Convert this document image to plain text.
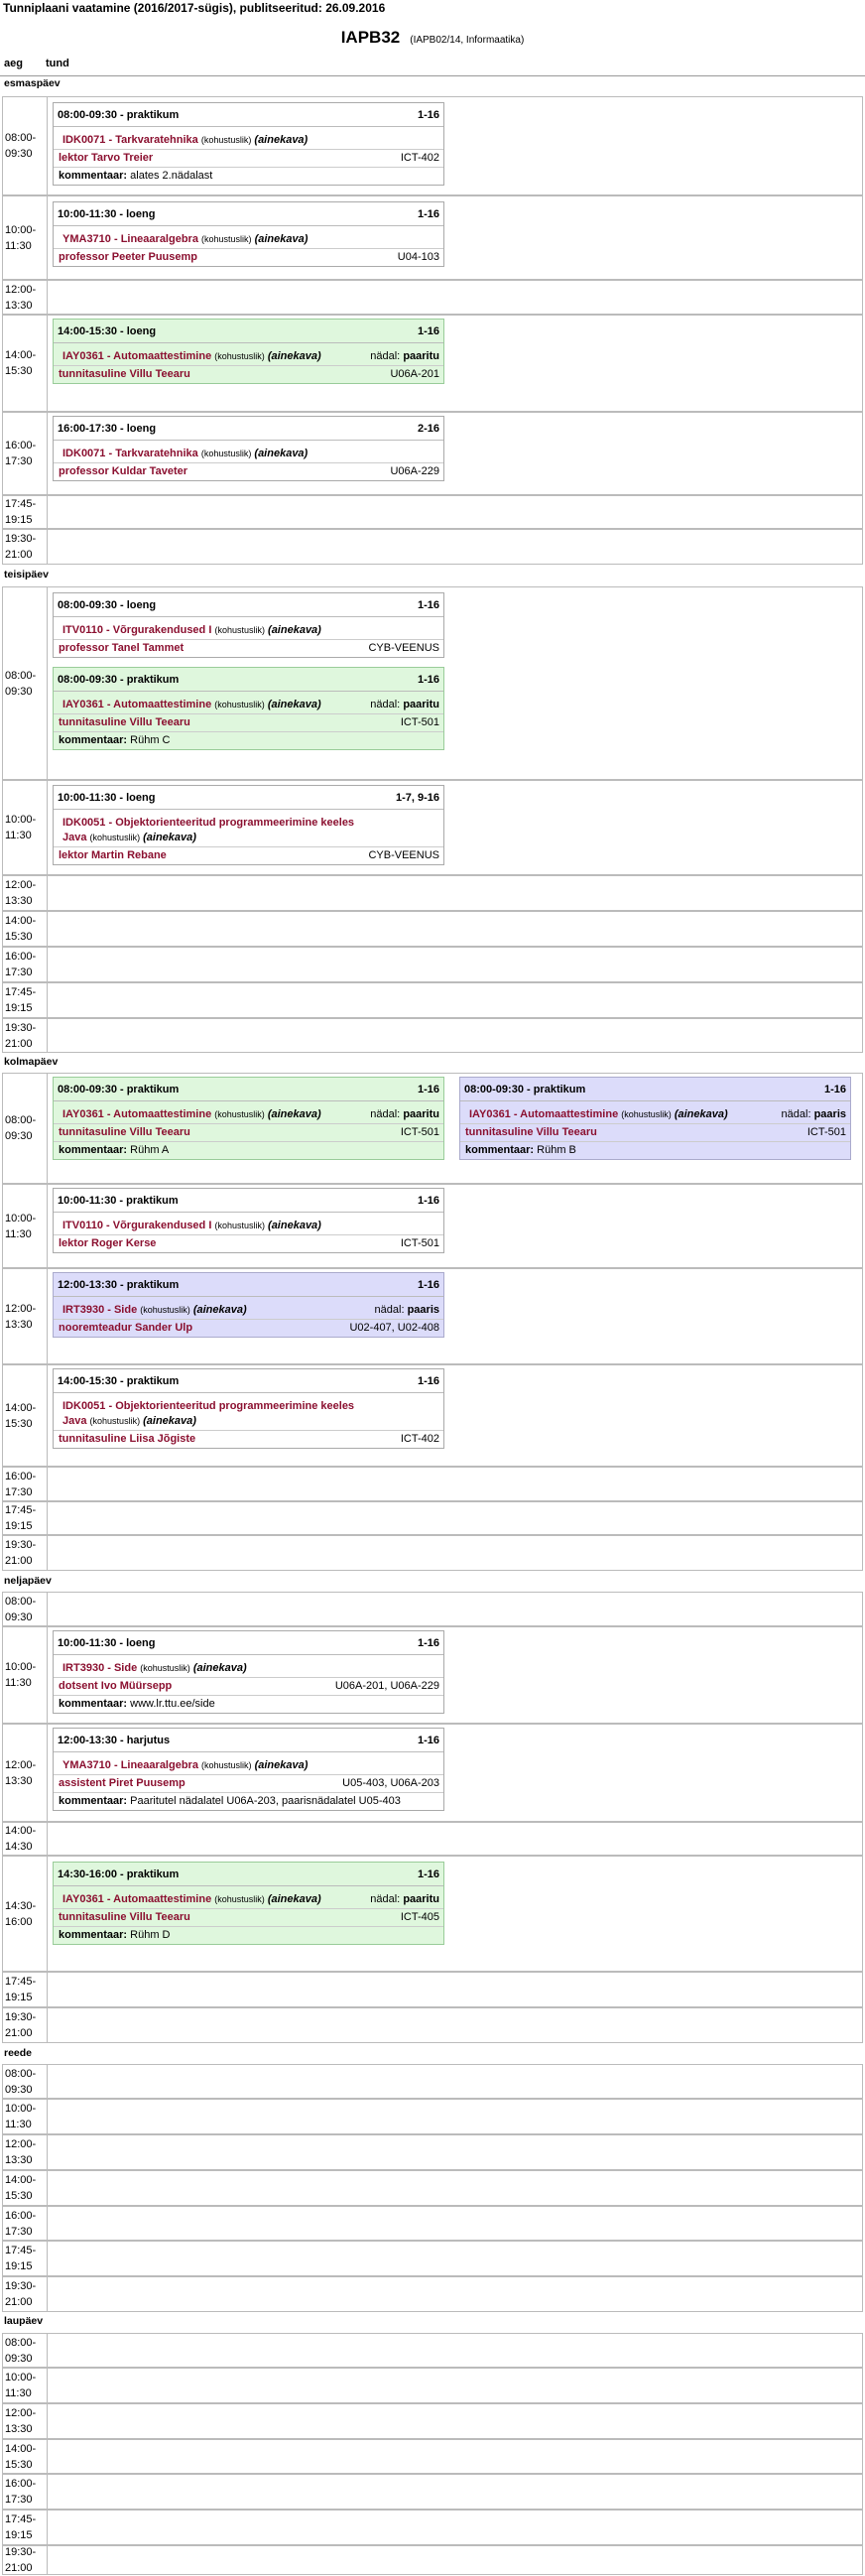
Tunniplaani vaatamine (2016/2017-sügis), publitseeritud: 26.09.2016
IAPB32 (IAPB02/14, Informaatika)
aeg tund
esmaspäev
08:00-
09:30
08:00-09:30 - praktikum	1-16
IDK0071 - Tarkvaratehnika (kohustuslik) (ainekava)
lektor Tarvo Treier	ICT-402
kommentaar: alates 2.nädalast
10:00-
11:30
10:00-11:30 - loeng	1-16
YMA3710 - Lineaaralgebra (kohustuslik) (ainekava)
professor Peeter Puusemp	U04-103
12:00-
13:30
14:00-
15:30
14:00-15:30 - loeng	1-16
IAY0361 - Automaattestimine (kohustuslik) (ainekava)	nädal: paaritu
tunnitasuline Villu Teearu	U06A-201
16:00-
17:30
16:00-17:30 - loeng	2-16
IDK0071 - Tarkvaratehnika (kohustuslik) (ainekava)
professor Kuldar Taveter	U06A-229
17:45-
19:15
19:30-
21:00
teisipäev
08:00-
09:30
08:00-09:30 - loeng	1-16
ITV0110 - Võrgurakendused I (kohustuslik) (ainekava)
professor Tanel Tammet	CYB-VEENUS
08:00-09:30 - praktikum	1-16
IAY0361 - Automaattestimine (kohustuslik) (ainekava)	nädal: paaritu
tunnitasuline Villu Teearu	ICT-501
kommentaar: Rühm C
10:00-
11:30
10:00-11:30 - loeng	1-7, 9-16
IDK0051 - Objektorienteeritud programmeerimine keeles
Java (kohustuslik) (ainekava)
lektor Martin Rebane	CYB-VEENUS
12:00-
13:30
14:00-
15:30
16:00-
17:30
17:45-
19:15
19:30-
21:00
kolmapäev
08:00-
09:30
08:00-09:30 - praktikum	1-16
IAY0361 - Automaattestimine (kohustuslik) (ainekava)	nädal: paaritu
tunnitasuline Villu Teearu	ICT-501
kommentaar: Rühm A
08:00-09:30 - praktikum	1-16
IAY0361 - Automaattestimine (kohustuslik) (ainekava)	nädal: paaris
tunnitasuline Villu Teearu	ICT-501
kommentaar: Rühm B
10:00-
11:30
10:00-11:30 - praktikum	1-16
ITV0110 - Võrgurakendused I (kohustuslik) (ainekava)
lektor Roger Kerse	ICT-501
12:00-
13:30
12:00-13:30 - praktikum	1-16
IRT3930 - Side (kohustuslik) (ainekava)	nädal: paaris
nooremteadur Sander Ulp	U02-407, U02-408
14:00-
15:30
14:00-15:30 - praktikum	1-16
IDK0051 - Objektorienteeritud programmeerimine keeles
Java (kohustuslik) (ainekava)
tunnitasuline Liisa Jõgiste	ICT-402
16:00-
17:30
17:45-
19:15
19:30-
21:00
neljapäev
08:00-
09:30
10:00-
11:30
10:00-11:30 - loeng	1-16
IRT3930 - Side (kohustuslik) (ainekava)
dotsent Ivo Müürsepp	U06A-201, U06A-229
kommentaar: www.lr.ttu.ee/side
12:00-
13:30
12:00-13:30 - harjutus	1-16
YMA3710 - Lineaaralgebra (kohustuslik) (ainekava)
assistent Piret Puusemp	U05-403, U06A-203
kommentaar: Paaritutel nädalatel U06A-203, paarisnädalatel U05-403
14:00-
14:30
14:30-
16:00
14:30-16:00 - praktikum	1-16
IAY0361 - Automaattestimine (kohustuslik) (ainekava)	nädal: paaritu
tunnitasuline Villu Teearu	ICT-405
kommentaar: Rühm D
17:45-
19:15
19:30-
21:00
reede
08:00-
09:30
10:00-
11:30
12:00-
13:30
14:00-
15:30
16:00-
17:30
17:45-
19:15
19:30-
21:00
laupäev
08:00-
09:30
10:00-
11:30
12:00-
13:30
14:00-
15:30
16:00-
17:30
17:45-
19:15
19:30-
21:00
